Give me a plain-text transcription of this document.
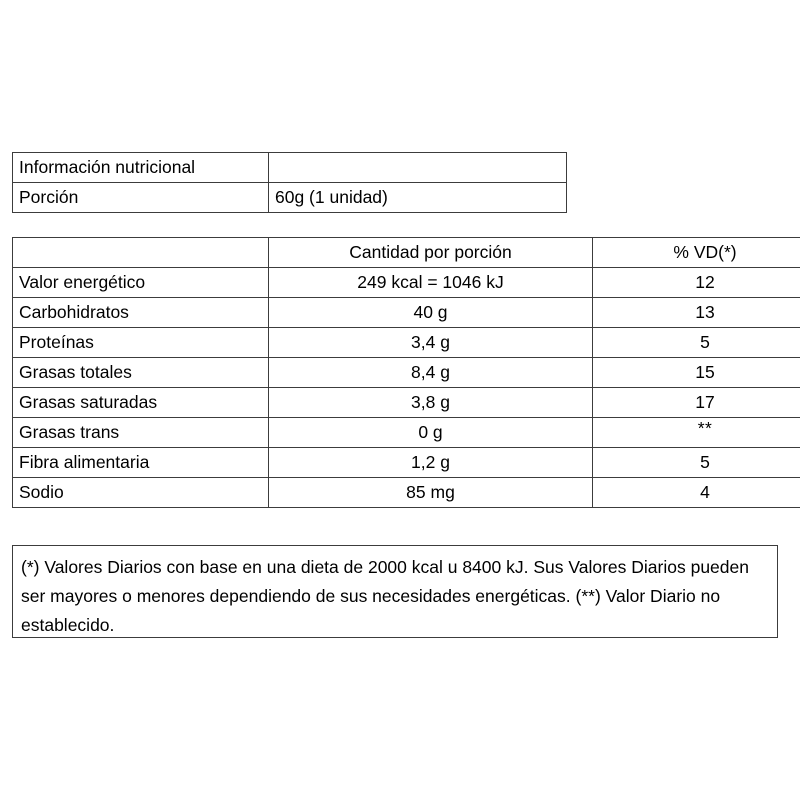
Información nutricional	
Porción	60g (1 unidad)
	Cantidad por porción	% VD(*)
Valor energético	249 kcal = 1046 kJ	12
Carbohidratos	40 g	13
Proteínas	3,4 g	5
Grasas totales	8,4 g	15
Grasas saturadas	3,8 g	17
Grasas trans	0 g	**
Fibra alimentaria	1,2 g	5
Sodio	85 mg	4
(*) Valores Diarios con base en una dieta de 2000 kcal u 8400 kJ. Sus Valores Diarios pueden ser mayores o menores dependiendo de sus necesidades energéticas. (**) Valor Diario no establecido.
